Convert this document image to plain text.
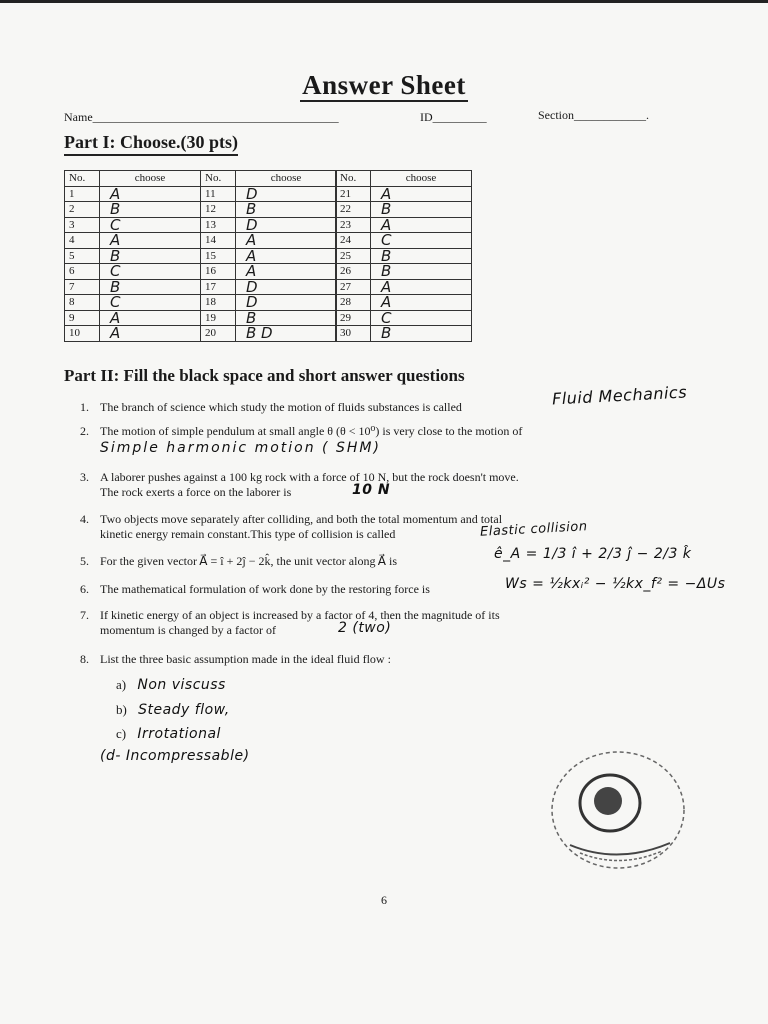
Answer Sheet
Name_________________________________________	ID_________	Section____________.
Part I: Choose.(30 pts)
No.	choose
1	A
2	B
3	C
4	A
5	B
6	C
7	B
8	C
9	A
10	A
No.	choose
11	D
12	B
13	D
14	A
15	A
16	A
17	D
18	D
19	B
20	B D
No.	choose
21	A
22	B
23	A
24	C
25	B
26	B
27	A
28	A
29	C
30	B
Part II: Fill the black space and short answer questions
1. The branch of science which study the motion of fluids substances is called	Fluid Mechanics
2. The motion of simple pendulum at small angle θ (θ < 10⁰) is very close to the motion of
Simple harmonic motion ( SHM)
3. A laborer pushes against a 100 kg rock with a force of 10 N, but the rock doesn't move.
The rock exerts a force on the laborer is	10 N
4. Two objects move separately after colliding, and both the total momentum and total
kinetic energy remain constant.This type of collision is called	Elastic collision
5. For the given vector A⃗ = î + 2ĵ − 2k̂, the unit vector along A⃗ is	ê_A = 1/3 î + 2/3 ĵ − 2/3 k̂
6. The mathematical formulation of work done by the restoring force is	Ws = ½kxᵢ² − ½kx_f² = −ΔUs
7. If kinetic energy of an object is increased by a factor of 4, then the magnitude of its
momentum is changed by a factor of	2 (two)
8. List the three basic assumption made in the ideal fluid flow :
a) Non viscuss
b) Steady flow,
c) Irrotational
(d- Incompressable)
6
